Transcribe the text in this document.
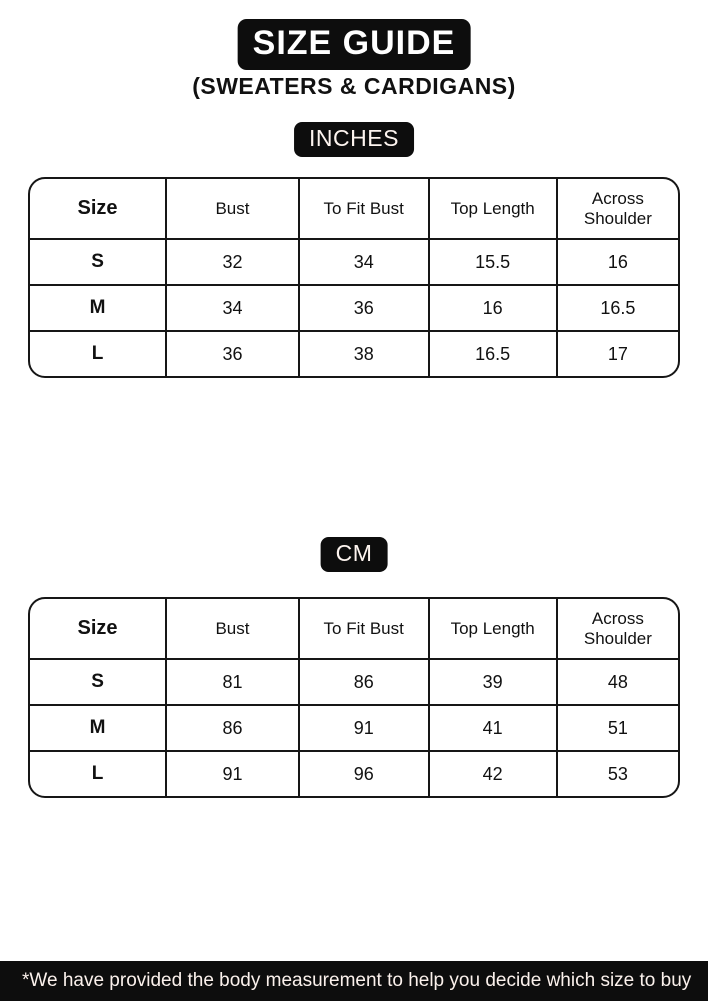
SIZE GUIDE
(SWEATERS & CARDIGANS)
INCHES
Size	Bust	To Fit Bust	Top Length	Across Shoulder
S	32	34	15.5	16
M	34	36	16	16.5
L	36	38	16.5	17
CM
Size	Bust	To Fit Bust	Top Length	Across Shoulder
S	81	86	39	48
M	86	91	41	51
L	91	96	42	53
*We have provided the body measurement to help you decide which size to buy
